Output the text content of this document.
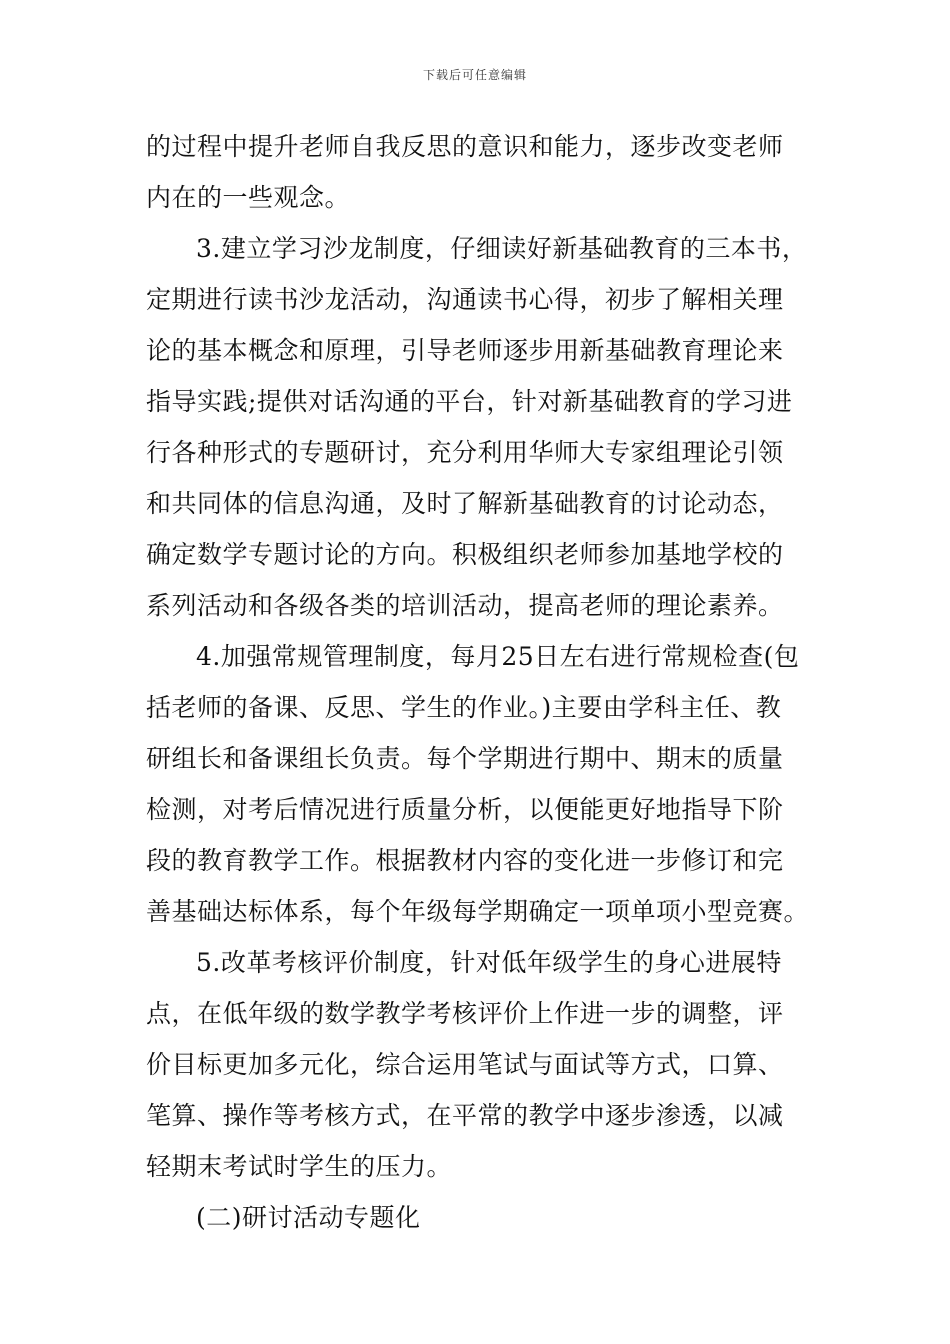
下载后可任意编辑
的过程中提升老师自我反思的意识和能力，逐步改变老师
内在的一些观念。
3.建立学习沙龙制度，仔细读好新基础教育的三本书，
定期进行读书沙龙活动，沟通读书心得，初步了解相关理
论的基本概念和原理，引导老师逐步用新基础教育理论来
指导实践;提供对话沟通的平台，针对新基础教育的学习进
行各种形式的专题研讨，充分利用华师大专家组理论引领
和共同体的信息沟通，及时了解新基础教育的讨论动态，
确定数学专题讨论的方向。积极组织老师参加基地学校的
系列活动和各级各类的培训活动，提高老师的理论素养。
4.加强常规管理制度，每月25日左右进行常规检查(包
括老师的备课、反思、学生的作业。)主要由学科主任、教
研组长和备课组长负责。每个学期进行期中、期末的质量
检测，对考后情况进行质量分析，以便能更好地指导下阶
段的教育教学工作。根据教材内容的变化进一步修订和完
善基础达标体系，每个年级每学期确定一项单项小型竞赛。
5.改革考核评价制度，针对低年级学生的身心进展特
点，在低年级的数学教学考核评价上作进一步的调整，评
价目标更加多元化，综合运用笔试与面试等方式，口算、
笔算、操作等考核方式，在平常的教学中逐步渗透，以减
轻期末考试时学生的压力。
(二)研讨活动专题化
